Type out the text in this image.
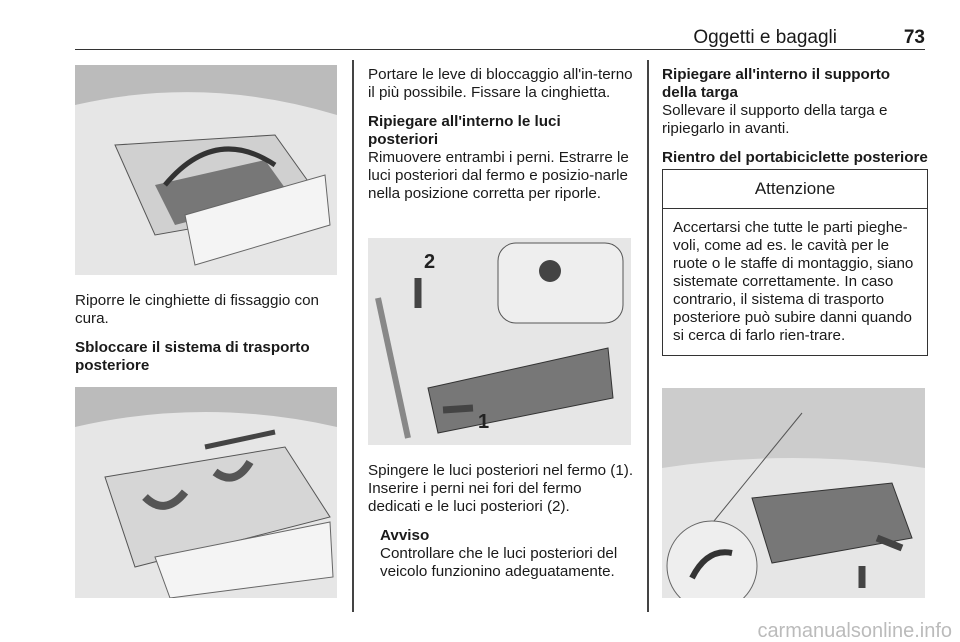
Oggetti e bagagli	73

Riporre le cinghiette di fissaggio con cura.

Sbloccare il sistema di trasporto posteriore

Portare le leve di bloccaggio all'in-terno il più possibile. Fissare la cinghietta.

Ripiegare all'interno le luci posteriori

Rimuovere entrambi i perni. Estrarre le luci posteriori dal fermo e posizio-narle nella posizione corretta per riporle.

2
1

Spingere le luci posteriori nel fermo (1). Inserire i perni nei fori del fermo dedicati e le luci posteriori (2).

Avviso
Controllare che le luci posteriori del veicolo funzionino adeguatamente.
Ripiegare all'interno il supporto della targa

Sollevare il supporto della targa e ripiegarlo in avanti.

Rientro del portabiciclette posteriore
Attenzione
Accertarsi che tutte le parti pieghe-voli, come ad es. le cavità per le ruote o le staffe di montaggio, siano sistemate correttamente. In caso contrario, il sistema di trasporto posteriore può subire danni quando si cerca di farlo rien-trare.
carmanualsonline.info
